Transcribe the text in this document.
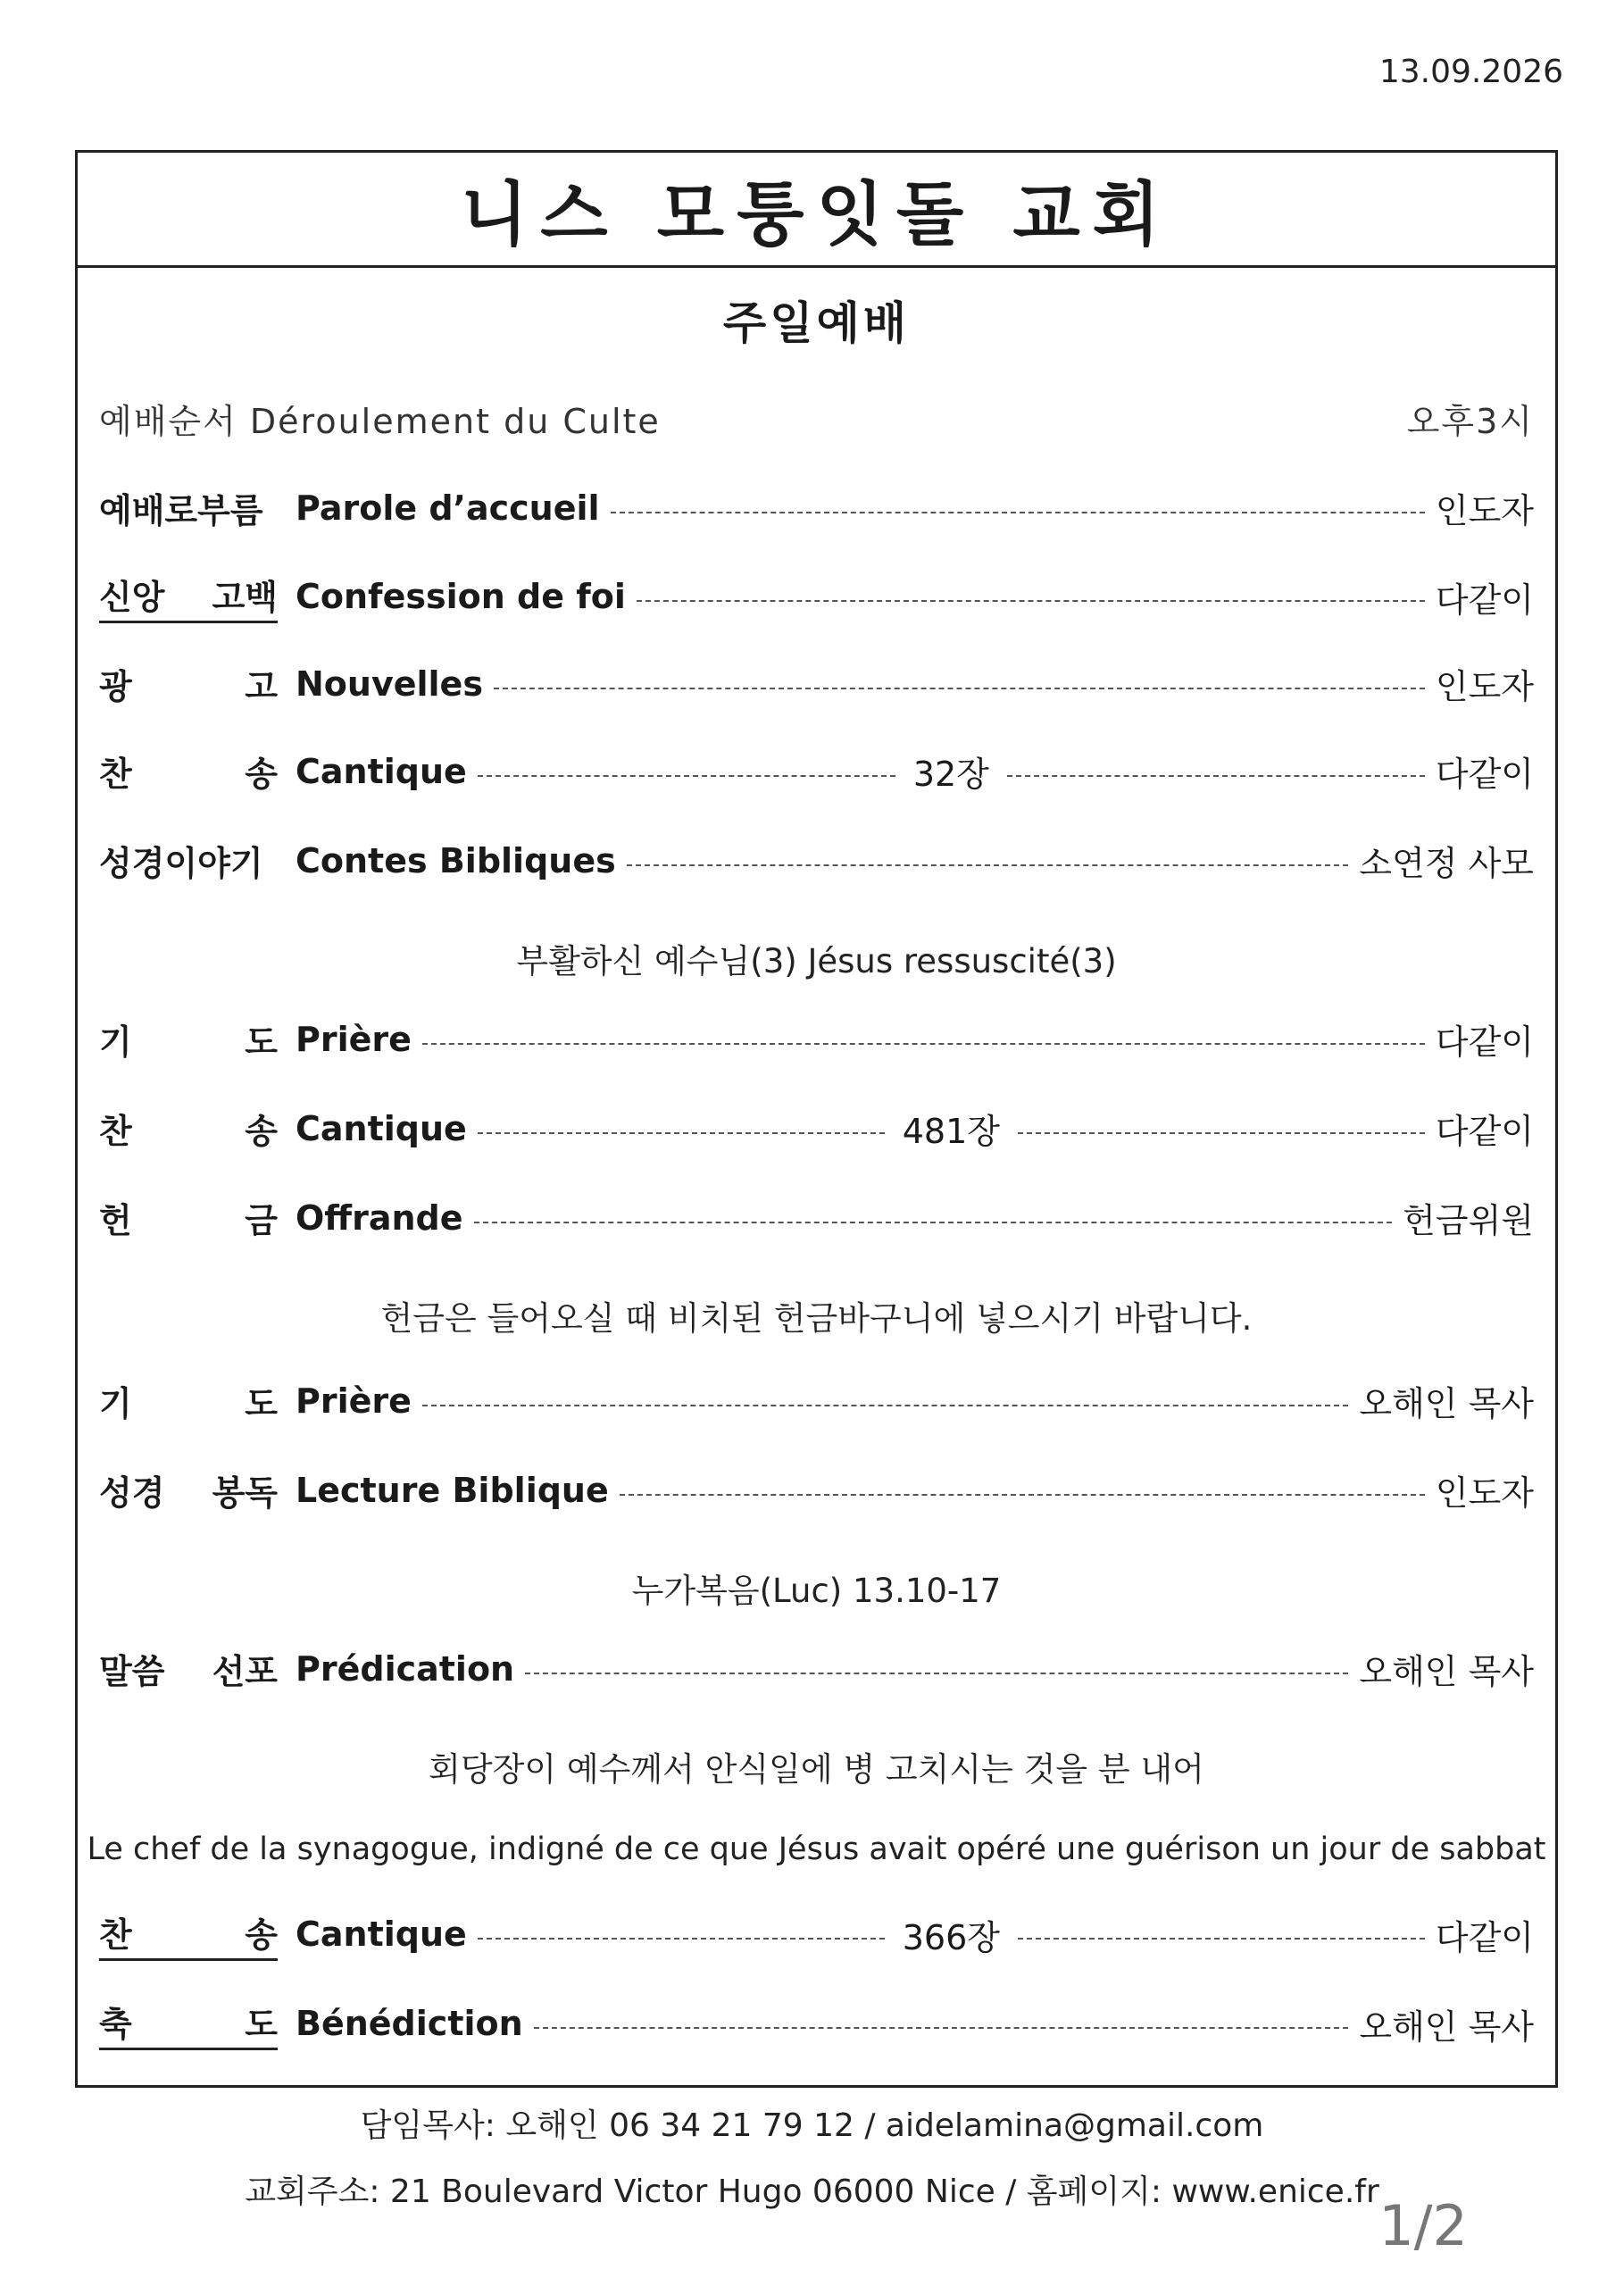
13.09.2026
니스 모퉁잇돌 교회
주일예배
예배순서 Déroulement du Culte	오후3시
예배로부름 Parole d’accueil	인도자
신앙 고백 Confession de foi	다같이
광	고 Nouvelles	인도자
찬	송 Cantique	32장	다같이
성경이야기 Contes Bibliques	소연정 사모
부활하신 예수님(3) Jésus ressuscité(3)
기	도 Prière	다같이
찬	송 Cantique	481장	다같이
헌	금 Offrande	헌금위원
헌금은 들어오실 때 비치된 헌금바구니에 넣으시기 바랍니다.
기	도 Prière	오해인 목사
성경 봉독 Lecture Biblique	인도자
누가복음(Luc) 13.10-17
말씀 선포 Prédication	오해인 목사
회당장이 예수께서 안식일에 병 고치시는 것을 분 내어
Le chef de la synagogue, indigné de ce que Jésus avait opéré une guérison un jour de sabbat
찬	송 Cantique	366장	다같이
축	도 Bénédiction	오해인 목사
담임목사: 오해인 06 34 21 79 12 / aidelamina@gmail.com
교회주소: 21 Boulevard Victor Hugo 06000 Nice / 홈페이지: www.enice.fr
1/2
